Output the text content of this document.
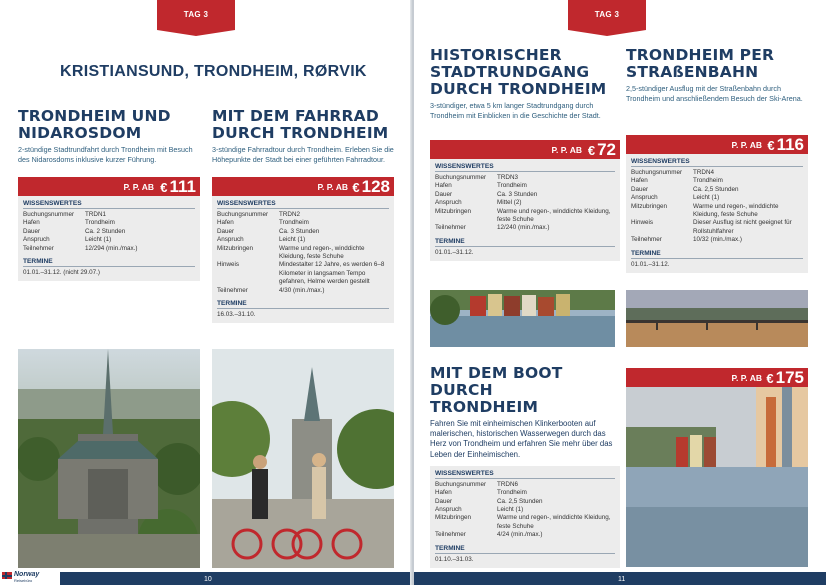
TAG 3
KRISTIANSUND, TRONDHEIM, RØRVIK
TRONDHEIM UND
NIDAROSDOM
2-stündige Stadtrundfahrt durch Trondheim mit Besuch des Nidarosdoms inklusive kurzer Führung.
P. P. AB € 111
WISSENSWERTES
Buchungsnummer	TRDN1
Hafen	Trondheim
Dauer	Ca. 2 Stunden
Anspruch	Leicht (1)
Teilnehmer	12/294 (min./max.)
TERMINE
01.01.–31.12. (nicht 29.07.)
MIT DEM FAHRRAD
DURCH TRONDHEIM
3-stündige Fahrradtour durch Trondheim. Erleben Sie die Höhepunkte der Stadt bei einer geführten Fahrradtour.
P. P. AB € 128
WISSENSWERTES
Buchungsnummer	TRDN2
Hafen	Trondheim
Dauer	Ca. 3 Stunden
Anspruch	Leicht (1)
Mitzubringen	Warme und regen-, winddichte Kleidung, feste Schuhe
Hinweis	Mindestalter 12 Jahre, es werden 6–8 Kilometer in langsamen Tempo gefahren, Helme werden gestellt
Teilnehmer	4/30 (min./max.)
TERMINE
16.03.–31.10.
10
Norway
Reisebüro
TAG 3
HISTORISCHER
STADTRUNDGANG
DURCH TRONDHEIM
3-stündiger, etwa 5 km langer Stadtrundgang durch Trondheim mit Einblicken in die Geschichte der Stadt.
P. P. AB € 72
WISSENSWERTES
Buchungsnummer	TRDN3
Hafen	Trondheim
Dauer	Ca. 3 Stunden
Anspruch	Mittel (2)
Mitzubringen	Warme und regen-, winddichte Kleidung, feste Schuhe
Teilnehmer	12/240 (min./max.)
TERMINE
01.01.–31.12.
TRONDHEIM PER
STRAßENBAHN
2,5-stündiger Ausflug mit der Straßenbahn durch Trondheim und anschließendem Besuch der Ski-Arena.
P. P. AB € 116
WISSENSWERTES
Buchungsnummer	TRDN4
Hafen	Trondheim
Dauer	Ca. 2,5 Stunden
Anspruch	Leicht (1)
Mitzubringen	Warme und regen-, winddichte Kleidung, feste Schuhe
Hinweis	Dieser Ausflug ist nicht geeignet für Rollstuhlfahrer
Teilnehmer	10/32 (min./max.)
TERMINE
01.01.–31.12.
MIT DEM BOOT DURCH
TRONDHEIM
Fahren Sie mit einheimischen Klinkerbooten auf malerischen, historischen Wasserwegen durch das Herz von Trondheim und erfahren Sie mehr über das Leben der Einheimischen.
WISSENSWERTES
Buchungsnummer	TRDN6
Hafen	Trondheim
Dauer	Ca. 2,5 Stunden
Anspruch	Leicht (1)
Mitzubringen	Warme und regen-, winddichte Kleidung, feste Schuhe
Teilnehmer	4/24 (min./max.)
TERMINE
01.10.–31.03.
P. P. AB € 175
11
